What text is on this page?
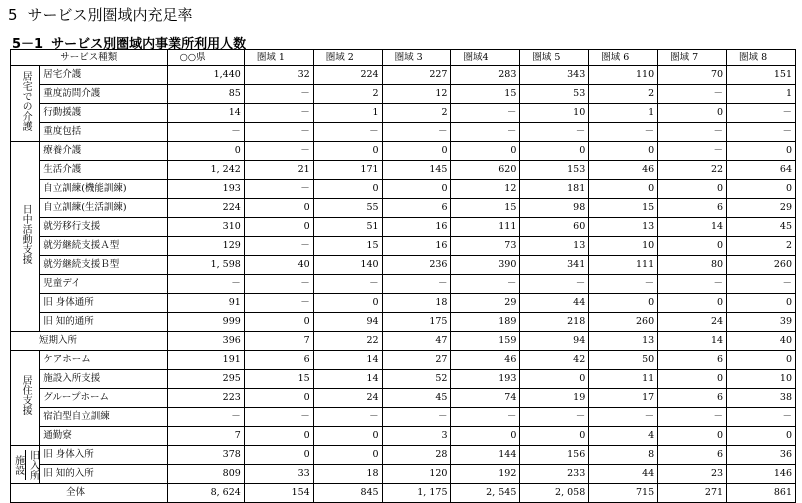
5 サービス別圏域内充足率
5－1 サービス別圏域内事業所利用人数
サービス種類		○○県	圏域 1	圏域 2	圏域 3	圏域4	圏域 5	圏域 6	圏域 7	圏域 8
居宅での介護	居宅介護	1,440	32	224	227	283	343	110	70	151
	重度訪問介護	85	－	2	12	15	53	2	－	1
	行動援護	14	－	1	2	－	10	1	0	－
	重度包括	－	－	－	－	－	－	－	－	－
日中活動支援	療養介護	0	－	0	0	0	0	0	－	0
	生活介護	1, 242	21	171	145	620	153	46	22	64
	自立訓練(機能訓練)	193	－	0	0	12	181	0	0	0
	自立訓練(生活訓練)	224	0	55	6	15	98	15	6	29
	就労移行支援	310	0	51	16	111	60	13	14	45
	就労継続支援Ａ型	129	－	15	16	73	13	10	0	2
	就労継続支援Ｂ型	1, 598	40	140	236	390	341	111	80	260
	児童デイ	－	－	－	－	－	－	－	－	－
	旧 身体通所	91	－	0	18	29	44	0	0	0
	旧 知的通所	999	0	94	175	189	218	260	24	39
短期入所		396	7	22	47	159	94	13	14	40
居住支援	ケアホーム	191	6	14	27	46	42	50	6	0
	施設入所支援	295	15	14	52	193	0	11	0	10
	グループホーム	223	0	24	45	74	19	17	6	38
	宿泊型自立訓練	－	－	－	－	－	－	－	－	－
	通勤寮	7	0	0	3	0	0	4	0	0

施設 旧入所	旧 身体入所	378	0	0	28	144	156	8	6	36
	旧 知的入所	809	33	18	120	192	233	44	23	146
全体		8, 624	154	845	1, 175	2, 545	2, 058	715	271	861
